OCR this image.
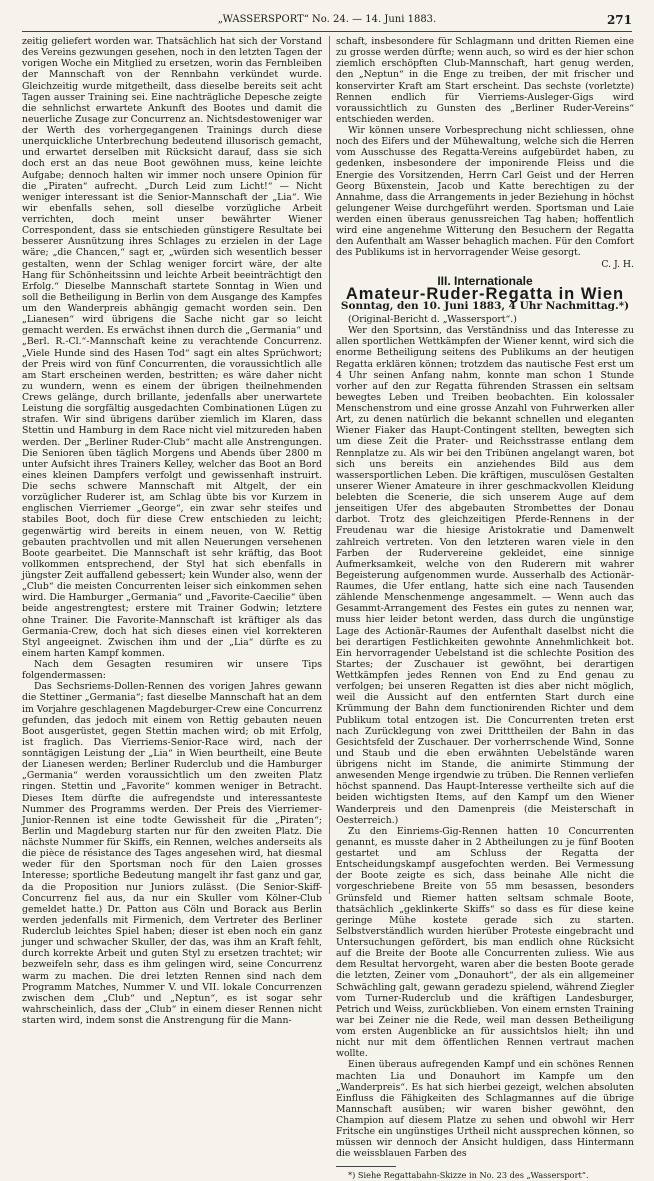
„WASSERSPORT“ No. 24. — 14. Juni 1883.	271

zeitig geliefert worden war. Thatsächlich hat sich der Vorstand des Vereins gezwungen gesehen, noch in den letzten Tagen der vorigen Woche ein Mitglied zu ersetzen, worin das Fernbleiben der Mannschaft von der Rennbahn verkündet wurde. Gleichzeitig wurde mitgetheilt, dass dieselbe bereits seit acht Tagen ausser Training sei. Eine nachträgliche Depesche zeigte die sehnlichst erwartete Ankunft des Bootes und damit die neuerliche Zusage zur Concurrenz an. Nichtsdestoweniger war der Werth des vorhergegangenen Trainings durch diese unerquickliche Unterbrechung bedeutend illusorisch gemacht, und erwartet derselben mit Rücksicht darauf, dass sie sich doch erst an das neue Boot gewöhnen muss, keine leichte Aufgabe; dennoch halten wir immer noch unsere Opinion für die „Piraten“ aufrecht. „Durch Leid zum Licht!“ — Nicht weniger interessant ist die Senior-Mannschaft der „Lia“. Wie wir ebenfalls sehen, soll dieselbe vorzügliche Arbeit verrichten, doch meint unser bewährter Wiener Correspondent, dass sie entschieden günstigere Resultate bei besserer Ausnützung ihres Schlages zu erzielen in der Lage wäre; „die Chancen,“ sagt er, „würden sich wesentlich besser gestalten, wenn der Schlag weniger forcirt wäre, der alte Hang für Schönheitssinn und leichte Arbeit beeinträchtigt den Erfolg.“ Dieselbe Mannschaft startete Sonntag in Wien und soll die Betheiligung in Berlin von dem Ausgange des Kampfes um den Wanderpreis abhängig gemacht worden sein. Den „Lianesen“ wird übrigens die Sache nicht gar so leicht gemacht werden. Es erwächst ihnen durch die „Germania“ und „Berl. R.-Cl.“-Mannschaft keine zu verachtende Concurrenz. „Viele Hunde sind des Hasen Tod“ sagt ein altes Sprüchwort; der Preis wird von fünf Concurrenten, die voraussichtlich alle am Start erscheinen werden, bestritten; es wäre daher nicht zu wundern, wenn es einem der übrigen theilnehmenden Crews gelänge, durch brillante, jedenfalls aber unerwartete Leistung die sorgfältig ausgedachten Combinationen Lügen zu strafen. Wir sind übrigens darüber ziemlich im Klaren, dass Stettin und Hamburg in dem Race nicht viel mitzureden haben werden. Der „Berliner Ruder-Club“ macht alle Anstrengungen. Die Senioren üben täglich Morgens und Abends über 2800 m unter Aufsicht ihres Trainers Kelley, welcher das Boot an Bord eines kleinen Dampfers verfolgt und gewissenhaft instruirt. Die sechs schwere Mannschaft mit Altgelt, der ein vorzüglicher Ruderer ist, am Schlag übte bis vor Kurzem in englischen Vierriemer „George“, ein zwar sehr steifes und stabiles Boot, doch für diese Crew entschieden zu leicht; gegenwärtig wird bereits in einem neuen, von W. Rettig gebauten prachtvollen und mit allen Neuerungen versehenen Boote gearbeitet. Die Mannschaft ist sehr kräftig, das Boot vollkommen entsprechend, der Styl hat sich ebenfalls in jüngster Zeit auffallend gebessert; kein Wunder also, wenn der „Club“ die meisten Concurrenten leiser sich einkommen sehen wird. Die Hamburger „Germania“ und „Favorite-Caecilie“ üben beide angestrengtest; erstere mit Trainer Godwin; letztere ohne Trainer. Die Favorite-Mannschaft ist kräftiger als das Germania-Crew, doch hat sich dieses einen viel korrekteren Styl angeeignet. Zwischen ihm und der „Lia“ dürfte es zu einem harten Kampf kommen.

Nach dem Gesagten resumiren wir unsere Tips folgendermassen:

Das Sechsriems-Dollen-Rennen des vorigen Jahres gewann die Stettiner „Germania“; fast dieselbe Mannschaft hat an dem im Vorjahre geschlagenen Magdeburger-Crew eine Concurrenz gefunden, das jedoch mit einem von Rettig gebauten neuen Boot ausgerüstet, gegen Stettin machen wird; ob mit Erfolg, ist fraglich. Das Vierriems-Senior-Race wird, nach der sonntägigen Leistung der „Lia“ in Wien beurtheilt, eine Beute der Lianesen werden; Berliner Ruderclub und die Hamburger „Germania“ werden voraussichtlich um den zweiten Platz ringen. Stettin und „Favorite“ kommen weniger in Betracht. Dieses Item dürfte die aufregendste und interessanteste Nummer des Programms werden. Der Preis des Vierriemer-Junior-Rennen ist eine todte Gewissheit für die „Piraten“; Berlin und Magdeburg starten nur für den zweiten Platz. Die nächste Nummer für Skiffs, ein Rennen, welches anderseits als die pièce de résistance des Tages angesehen wird, hat diesmal weder für den Sportsman noch für den Laien grosses Interesse; sportliche Bedeutung mangelt ihr fast ganz und gar, da die Proposition nur Juniors zulässt. (Die Senior-Skiff-Concurrenz fiel aus, da nur ein Skuller vom Kölner-Club gemeldet hatte.) Dr. Patton aus Cöln und Borack aus Berlin werden jedenfalls mit Firmenich, dem Vertreter des Berliner Ruderclub leichtes Spiel haben; dieser ist eben noch ein ganz junger und schwacher Skuller, der das, was ihm an Kraft fehlt, durch korrekte Arbeit und guten Styl zu ersetzen trachtet; wir bezweifeln sehr, dass es ihm gelingen wird, seine Concurrenz warm zu machen. Die drei letzten Rennen sind nach dem Programm Matches, Nummer V. und VII. lokale Concurrenzen zwischen dem „Club“ und „Neptun“, es ist sogar sehr wahrscheinlich, dass der „Club“ in einem dieser Rennen nicht starten wird, indem sonst die Anstrengung für die Mann-

schaft, insbesondere für Schlagmann und dritten Riemen eine zu grosse werden dürfte; wenn auch, so wird es der hier schon ziemlich erschöpften Club-Mannschaft, hart genug werden, den „Neptun“ in die Enge zu treiben, der mit frischer und konservirter Kraft am Start erscheint. Das sechste (vorletzte) Rennen endlich für Vierriems-Ausleger-Gigs wird voraussichtlich zu Gunsten des „Berliner Ruder-Vereins“ entschieden werden.

Wir können unsere Vorbesprechung nicht schliessen, ohne noch des Eifers und der Mühewaltung, welche sich die Herren vom Ausschusse des Regatta-Vereins aufgebürdet haben, zu gedenken, insbesondere der imponirende Fleiss und die Energie des Vorsitzenden, Herrn Carl Geist und der Herren Georg Büxenstein, Jacob und Katte berechtigen zu der Annahme, dass die Arrangements in jeder Beziehung in höchst gelungener Weise durchgeführt werden. Sportsman und Laie werden einen überaus genussreichen Tag haben; hoffentlich wird eine angenehme Witterung den Besuchern der Regatta den Aufenthalt am Wasser behaglich machen. Für den Comfort des Publikums ist in hervorragender Weise gesorgt.

C. J. H.
III. Internationale
Amateur-Ruder-Regatta in Wien
Sonntag, den 10. Juni 1883, 4 Uhr Nachmittag.*)

(Original-Bericht d. „Wassersport“.)

Wer den Sportsinn, das Verständniss und das Interesse zu allen sportlichen Wettkämpfen der Wiener kennt, wird sich die enorme Betheiligung seitens des Publikums an der heutigen Regatta erklären können; trotzdem das nautische Fest erst um 4 Uhr seinen Anfang nahm, konnte man schon 1 Stunde vorher auf den zur Regatta führenden Strassen ein seltsam bewegtes Leben und Treiben beobachten. Ein kolossaler Menschenstrom und eine grosse Anzahl von Fuhrwerken aller Art, zu denen natürlich die bekannt schnellen und eleganten Wiener Fiaker das Haupt-Contingent stellten, bewegten sich um diese Zeit die Prater- und Reichsstrasse entlang dem Rennplatze zu. Als wir bei den Tribünen angelangt waren, bot sich uns bereits ein anziehendes Bild aus dem wassersportlichen Leben. Die kräftigen, musculösen Gestalten unserer Wiener Amateure in ihrer geschmackvollen Kleidung belebten die Scenerie, die sich unserem Auge auf dem jenseitigen Ufer des abgebauten Strombettes der Donau darbot. Trotz des gleichzeitigen Pferde-Rennens in der Freudenau war die hiesige Aristokratie und Damenwelt zahlreich vertreten. Von den letzteren waren viele in den Farben der Rudervereine gekleidet, eine sinnige Aufmerksamkeit, welche von den Ruderern mit wahrer Begeisterung aufgenommen wurde. Ausserhalb des Actionär-Raumes, die Ufer entlang, hatte sich eine nach Tausenden zählende Menschenmenge angesammelt. — Wenn auch das Gesammt-Arrangement des Festes ein gutes zu nennen war, muss hier leider betont werden, dass durch die ungünstige Lage des Actionär-Raumes der Aufenthalt daselbst nicht die bei derartigen Festlichkeiten gewohnte Annehmlichkeit bot. Ein hervorragender Uebelstand ist die schlechte Position des Startes; der Zuschauer ist gewöhnt, bei derartigen Wettkämpfen jedes Rennen von End zu End genau zu verfolgen; bei unseren Regatten ist dies aber nicht möglich, weil die Aussicht auf den entfernten Start durch eine Krümmung der Bahn dem functionirenden Richter und dem Publikum total entzogen ist. Die Concurrenten treten erst nach Zurücklegung von zwei Dritttheilen der Bahn in das Gesichtsfeld der Zuschauer. Der vorherrschende Wind, Sonne und Staub und die eben erwähnten Uebelstände waren übrigens nicht im Stande, die animirte Stimmung der anwesenden Menge irgendwie zu trüben. Die Rennen verliefen höchst spannend. Das Haupt-Interesse vertheilte sich auf die beiden wichtigsten Items, auf den Kampf um den Wiener Wanderpreis und den Damenpreis (die Meisterschaft in Oesterreich.)

Zu den Einriems-Gig-Rennen hatten 10 Concurrenten genannt, es musste daher in 2 Abtheilungen zu je fünf Booten gestartet und am Schluss der Regatta der Entscheidungskampf ausgefochten werden. Bei Vermessung der Boote zeigte es sich, dass beinahe Alle nicht die vorgeschriebene Breite von 55 mm besassen, besonders Grünsfeld und Riemer hatten seltsam schmale Boote, thatsächlich „geklinkerte Skiffs“ so dass es für diese keine geringe Mühe kostete gerade sich zu starten. Selbstverständlich wurden hierüber Proteste eingebracht und Untersuchungen gefördert, bis man endlich ohne Rücksicht auf die Breite der Boote alle Concurrenten zuliess. Wie aus dem Resultat hervorgeht, waren aber die besten Boote gerade die letzten, Zeiner vom „Donauhort“, der als ein allgemeiner Schwächling galt, gewann geradezu spielend, während Ziegler vom Turner-Ruderclub und die kräftigen Landesburger, Petrich und Weiss, zurückblieben. Von einem ernsten Training war bei Zeiner nie die Rede, weil man dessen Betheiligung vom ersten Augenblicke an für aussichtslos hielt; ihn und nicht nur mit dem öffentlichen Rennen vertraut machen wollte.

Einen überaus aufregenden Kampf und ein schönes Rennen machten Lia und Donauhort im Kampfe um den „Wanderpreis“. Es hat sich hierbei gezeigt, welchen absoluten Einfluss die Fähigkeiten des Schlagmannes auf die übrige Mannschaft ausüben; wir waren bisher gewöhnt, den Champion auf diesem Platze zu sehen und obwohl wir Herr Fritsche ein ungünstiges Urtheil nicht aussprechen können, so müssen wir dennoch der Ansicht huldigen, dass Hintermann die weissblauen Farben des

*) Siehe Regattabahn-Skizze in No. 23 des „Wassersport“.
